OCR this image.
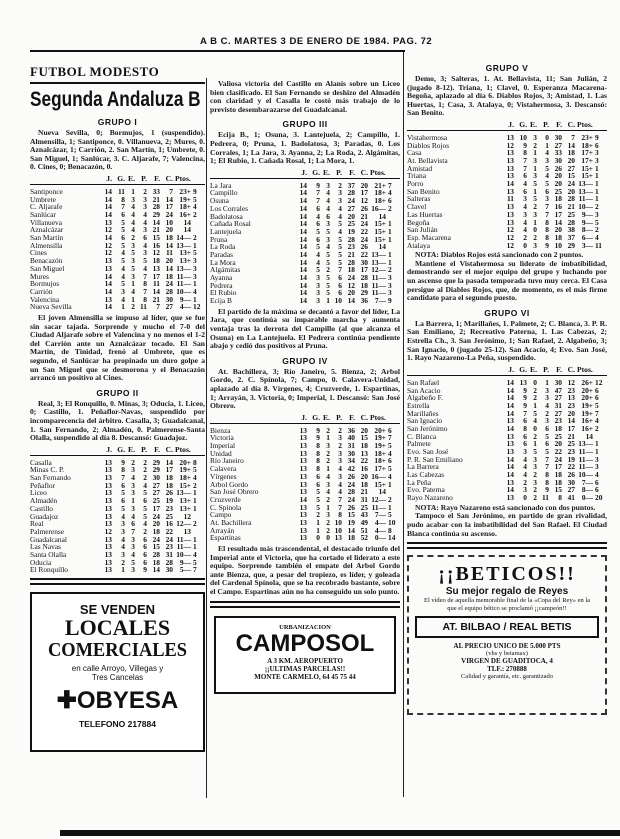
A B C. MARTES 3 DE ENERO DE 1984. PAG. 72
FUTBOL MODESTO
Segunda Andaluza B
GRUPO I
Nueva Sevilla, 0; Bormujos, 1 (suspendido). Almensilla, 1; Santiponce, 0. Villanueva, 2; Mures, 0. Aznalcázar, 1; Carrión, 2. San Martín, 1; Umbrete, 0. San Miguel, 1; Sanlúcar, 3. C. Aljarafe, 7; Valencina, 0. Cines, 0; Benacazón, 0.
J. G. E. P. F. C. Ptos.
Santiponce	14 11 1	2 33	7 23+ 9
Umbrete	14	8 3	3 21 14 19+ 5
C. Aljarafe	14	7 4	3 28 17 18+ 4
Sanlúcar	14	6 4	4 29 24 16+ 2
Villanueva	13	5 4	4 14 10	14
Aznalcázar	12	5 4	3 21 20	14
San Martín	14	6 2	6 15 18 14— 2
Almensilla	12	5 3	4 16 14 13— 1
Cines	12	4 5	3 12 11 13+ 5
Benacazón	13	5 3	5 18 20 13+ 3
San Miguel	13	4 5	4 13 14 13— 3
Mures	14	4 3	7 17 18 11— 3
Bormujos	14	5 1	8 11 24 11— 1
Carrión	14	3 4	7 14 28 10— 4
Valencina	13	4 1	8 21 30 9— 1
Nueva Sevilla	14	1 2 11	7 27 4— 12
El joven Almensilla se impuso al líder, que se fue sin sacar tajada. Sorprende y mucho el 7-0 del Ciudad Aljarafe sobre el Valencina y no menos el 1-2 del Carrión ante un Aznalcázar tocado. El San Martín, de Tinidad, frenó al Umbrete, que es segundo, el Sanlúcar ha propinado un duro golpe a un San Miguel que se desmorona y el Benacazón arrancó un positivo al Cines.
GRUPO II
Real, 3; El Ronquillo, 0. Minas, 3; Oducia, 1. Liceo, 0; Castillo, 1. Peñaflor-Navas, suspendido por incomparecencia del árbitro. Casalla, 3; Guadalcanal, 1. San Fernando, 2; Almadén, 0. Palmerense-Santa Olalla, suspendido al día 8. Descansó: Guadajoz.
J. G. E. P. F. C. Ptos.
Casalla	13	9 2	2 29 14 20+ 8
Minas C. P.	13	8 3	2 29 17 19+ 5
San Fernando	13	7 4	2 30 18 18+ 4
Peñaflor	13	6 3	4 27 18 15+ 2
Liceo	13	5 3	5 27 26 13— 1
Almadén	13	6 1	6 25 19 13+ 1
Castillo	13	5 3	5 17 23 13+ 1
Guadajoz	13	4 4	5 24 25	12
Real	13	3 6	4 20 16 12— 2
Palmerense	12	3 7	2 18 22	13
Guadalcanal	13	4 3	6 24 24 11— 1
Las Navas	13	4 3	6 15 23 11— 1
Santa Olalla	13	3 4	6 28 31 10— 4
Oducia	13	2 5	6 18 28 9— 5
El Ronquillo	13	1 3	9 14 30 5— 7
SE VENDEN
LOCALES
COMERCIALES
en calle Arroyo, Villegas y
Tres Cancelas
✚OBYESA
TELEFONO 217884
Valiosa victoria del Castillo en Alanís sobre un Liceo bien clasificado. El San Fernando se deshizo del Almadén con claridad y el Casalla le costó más trabajo de lo previsto desembarazarse del Guadalcanal.
GRUPO III
Ecija B., 1; Osuna, 3. Lantejuela, 2; Campillo, 1. Pedrera, 0; Pruna, 1. Badolatosa, 3; Paradas, 0. Los Corrales, 1; La Jara, 3. Ayanna, 2; La Roda, 2. Algámitas, 1; El Rubio, 1. Cañada Rosal, 1; La Mora, 1.
J. G. E. P. F. C. Ptos.
La Jara	14	9 3	2 37 20 21+ 7
Campillo	14	7 4	3 28 17 18+ 4
Osuna	14	7 4	3 24 12 18+ 6
Los Corrales	14	6 4	4 27 26 16— 2
Badolatosa	14	4 6	4 20 21	14
Cañada Rosal	14	6 3	5 25 24 15+ 1
Lantejuela	14	5 5	4 19 22 15+ 1
Pruna	14	6 3	5 28 24 15+ 1
La Roda	14	5 4	5 23 26	14
Paradas	14	4 5	5 21 22 13— 1
La Mora	14	4 5	5 28 30 13— 1
Algámitas	14	5 2	7 18 17 12— 2
Ayanna	14	3 5	6 24 28 11— 3
Pedrera	14	3 5	6 12 18 11— 3
El Rubio	14	3 5	6 20 29 11— 3
Ecija B	14	3 1 10 14 36 7— 9
El partido de la máxima se decantó a favor del líder, La Jara, que continúa su imparable marcha y aumenta ventaja tras la derrota del Campillo (al que alcanza el Osuna) en La Lantejuela. El Pedrera continúa pendiente abajo y cedió dos positivos al Pruna.
GRUPO IV
At. Bachillera, 3; Río Janeiro, 5. Bienza, 2; Arbol Gordo, 2. C. Spínola, 7; Campo, 0. Calavera-Unidad, aplazado al día 8. Vírgenes, 4; Cruzverde, 1. Espartinas, 1; Arrayán, 3. Victoria, 0; Imperial, 1. Descansó: San José Obrero.
J. G. E. P. F. C. Ptos.
Bienza	13	9 2	2 36 20 20+ 6
Victoria	13	9 1	3 40 15 19+ 7
Imperial	13	8 3	2 31 18 19+ 5
Unidad	13	8 2	3 30 13 18+ 4
Río Janeiro	13	8 2	3 34 22 18+ 6
Calavera	13	8 1	4 42 16 17+ 5
Vírgenes	13	6 4	3 26 20 16— 4
Arbol Gordo	13	6 3	4 24 18 15+ 1
San José Obrero	13	5 4	4 28 21	14
Cruzverde	14	5 2	7 24 31 12— 2
C. Spínola	13	5 1	7 26 25 11— 1
Campo	13	2 3	8 15 43 7— 5
At. Bachillera	13	1 2 10 19 49 4— 10
Arrayán	13	1 2 10 14 51 4— 8
Espartinas	13	0 0 13 18 52 0— 14
El resultado más trascendental, el destacado triunfo del Imperial ante el Victoria, que ha cortado el liderato a este equipo. Sorprende también el empate del Arbol Gordo ante Bienza, que, a pesar del tropiezo, es líder, y goleada del Cardenal Spínola, que se ha recobrado bastante, sobre el Campo. Espartinas aún no ha conseguido un solo punto.
URBANIZACION
CAMPOSOL
A 3 KM. AEROPUERTO
¡¡ULTIMAS PARCELAS!!
MONTE CARMELO, 64 45 75 44
GRUPO V
Demo, 3; Salteras, 1. At. Bellavista, 11; San Julián, 2 (jugado 8-12). Triana, 1; Clavel, 0. Esperanza Macarena-Begoña, aplazado al día 6. Diablos Rojos, 3; Amistad, 1. Las Huertas, 1; Casa, 3. Atalaya, 0; Vistahermosa, 3. Descansó: San Benito.
J. G. E. P. F. C. Ptos.
Vistahermosa	13 10 3	0 30	7 23+ 9
Diablos Rojos	12	9 2	1 27 14 18+ 6
Casa	13	8 1	4 33 18 17+ 3
At. Bellavista	13	7 3	3 30 20 17+ 3
Amistad	13	7 1	5 26 27 15+ 1
Triana	13	6 3	4 20 15 15+ 1
Porro	14	4 5	5 20 24 13— 1
San Benito	13	6 1	6 25 20 13— 1
Salteras	11	3 5	3 18 28 11— 1
Clavel	13	4 2	7 16 21 10— 2
Las Huertas	13	3 3	7 17 25 9— 3
Begoña	13	4 1	8 14 28 9— 5
San Julián	12	4 0	8 20 38 8— 2
Esp. Macarena	12	2 2	8 18 37 6— 4
Atalaya	12	0 3	9 10 29 3— 11
NOTA: Diablos Rojos está sancionado con 2 puntos.
Mantiene el Vistahermosa su liderato de imbatibilidad, demostrando ser el mejor equipo del grupo y luchando por un ascenso que la pasada temporada tuvo muy cerca. El Casa persigue al Diablos Rojos, que, de momento, es el más firme candidato para el segundo puesto.
GRUPO VI
La Barrera, 1; Marillañes, 1. Palmete, 2; C. Blanca, 3. P. R. San Emiliano, 2; Recreativo Paterna, 1. Las Cabezas, 2; Estrella Ch., 3. San Jerónimo, 1; San Rafael, 2. Algabeño, 3; San Ignacio, 0 (jugado 25-12). San Acacio, 4; Evo. San José, 1. Rayo Nazareno-La Peña, suspendido.
J. G. E. P. F. C. Ptos.
San Rafael	14 13 0	1 30 12 26+ 12
San Acacio	14	9 2	3 47 23 20+ 6
Algabeño F.	14	9 2	3 27 13 20+ 6
Estrella	14	9 1	4 31 23 19+ 5
Marillañes	14	7 5	2 27 20 19+ 7
San Ignacio	13	6 4	3 23 14 16+ 4
San Jerónimo	14	8 0	6 18 17 16+ 2
C. Blanca	13	6 2	5 25 21	14
Palmete	13	6 1	6 20 25 13— 1
Evo. San José	13	3 5	5 22 23 11— 1
P. R. San Emiliano	14	4 3	7 24 19 11— 3
La Barrera	14	4 3	7 17 22 11— 3
Las Cabezas	14	4 2	8 18 26 10— 4
La Peña	13	2 3	8 18 30 7— 6
Evo. Paterna	14	3 2	9 15 27 8— 6
Rayo Nazareno	13	0 2 11	8 41 0— 20
NOTA: Rayo Nazareno está sancionado con dos puntos.
Tampoco el San Jerónimo, en partido de gran rivalidad, pudo acabar con la imbatibilidad del San Rafael. El Ciudad Blanca continúa su ascenso.
¡¡BETICOS!!
Su mejor regalo de Reyes
El vídeo de aquella memorable final de la «Copa del Rey» en la que el equipo bético se proclamó ¡¡campeón!!
AT. BILBAO / REAL BETIS
AL PRECIO UNICO DE 5.000 PTS
(vhs y betamax)
VIRGEN DE GUADITOCA, 4
TLF.: 270888
Calidad y garantía, etc. garantizado
